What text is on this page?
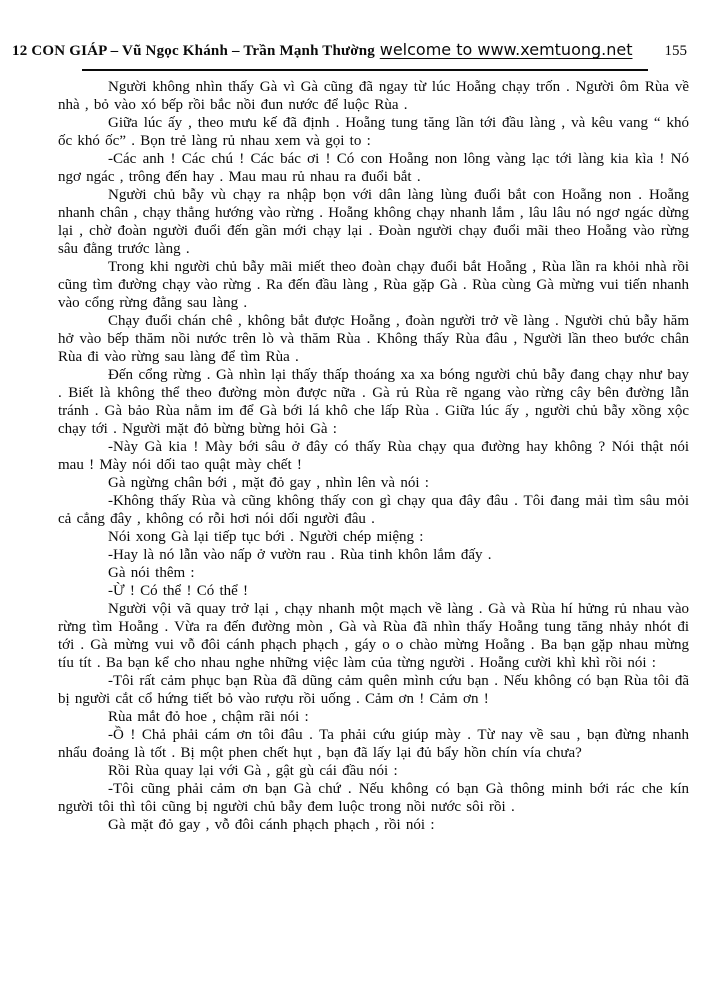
12 CON GIÁP – Vũ Ngọc Khánh – Trần Mạnh Thường welcome to www.xemtuong.net 155

Người không nhìn thấy Gà vì Gà cũng đã ngay từ lúc Hoẵng chạy trốn . Người ôm Rùa về nhà , bỏ vào xó bếp rồi bắc nồi đun nước để luộc Rùa .

Giữa lúc ấy , theo mưu kế đã định . Hoẵng tung tăng lần tới đầu làng , và kêu vang “ khó ốc khó ốc” . Bọn trẻ làng rủ nhau xem và gọi to :

-Các anh ! Các chú ! Các bác ơi ! Có con Hoẵng non lông vàng lạc tới làng kia kìa ! Nó ngơ ngác , trông đến hay . Mau mau rủ nhau ra đuổi bắt .

Người chủ bẫy vù chạy ra nhập bọn với dân làng lùng đuổi bắt con Hoẵng non . Hoẵng nhanh chân , chạy thẳng hướng vào rừng . Hoẵng không chạy nhanh lắm , lâu lâu nó ngơ ngác dừng lại , chờ đoàn người đuổi đến gần mới chạy lại . Đoàn người chạy đuổi mãi theo Hoẵng vào rừng sâu đằng trước làng .

Trong khi người chủ bẫy mãi miết theo đoàn chạy đuổi bắt Hoẵng , Rùa lần ra khỏi nhà rồi cũng tìm đường chạy vào rừng . Ra đến đầu làng , Rùa gặp Gà . Rùa cùng Gà mừng vui tiến nhanh vào cổng rừng đằng sau làng .

Chạy đuổi chán chê , không bắt được Hoẵng , đoàn người trở về làng . Người chủ bẫy hăm hở vào bếp thăm nồi nước trên lò và thăm Rùa . Không thấy Rùa đâu , Người lần theo bước chân Rùa đi vào rừng sau làng để tìm Rùa .

Đến cổng rừng . Gà nhìn lại thấy thấp thoáng xa xa bóng người chủ bẫy đang chạy như bay . Biết là không thể theo đường mòn được nữa . Gà rủ Rùa rẽ ngang vào rừng cây bên đường lẫn tránh . Gà bảo Rùa nằm im để Gà bới lá khô che lấp Rùa . Giữa lúc ấy , người chủ bẫy xồng xộc chạy tới . Người mặt đỏ bừng bừng hỏi Gà :

-Này Gà kia ! Mày bới sâu ở đây có thấy Rùa chạy qua đường hay không ? Nói thật nói mau ! Mày nói dối tao quật mày chết !

Gà ngừng chân bới , mặt đỏ gay , nhìn lên và nói :

-Không thấy Rùa và cũng không thấy con gì chạy qua đây đâu . Tôi đang mải tìm sâu mỏi cả cẳng đây , không có rỗi hơi nói dối người đâu .

Nói xong Gà lại tiếp tục bới . Người chép miệng :

-Hay là nó lẫn vào nấp ở vườn rau . Rùa tinh khôn lắm đấy .

Gà nói thêm :

-Ừ ! Có thể ! Có thể !

Người vội vã quay trở lại , chạy nhanh một mạch về làng . Gà và Rùa hí hửng rủ nhau vào rừng tìm Hoẵng . Vừa ra đến đường mòn , Gà và Rùa đã nhìn thấy Hoẵng tung tăng nhảy nhót đi tới . Gà mừng vui vỗ đôi cánh phạch phạch , gáy o o chào mừng Hoẵng . Ba bạn gặp nhau mừng tíu tít . Ba bạn kể cho nhau nghe những việc làm của từng người . Hoẵng cười khì khì rồi nói :

-Tôi rất cảm phục bạn Rùa đã dũng cảm quên mình cứu bạn . Nếu không có bạn Rùa tôi đã bị người cắt cổ hứng tiết bỏ vào rượu rồi uống . Cảm ơn ! Cảm ơn !

Rùa mắt đỏ hoe , chậm rãi nói :

-Ồ ! Chả phải cám ơn tôi đâu . Ta phải cứu giúp mày . Từ nay về sau , bạn đừng nhanh nhẩu đoảng là tốt . Bị một phen chết hụt , bạn đã lấy lại đủ bẩy hồn chín vía chưa?

Rồi Rùa quay lại với Gà , gật gù cái đầu nói :

-Tôi cũng phải cảm ơn bạn Gà chứ . Nếu không có bạn Gà thông minh bới rác che kín người tôi thì tôi cũng bị người chủ bẫy đem luộc trong nồi nước sôi rồi .

Gà mặt đỏ gay , vỗ đôi cánh phạch phạch , rồi nói :
